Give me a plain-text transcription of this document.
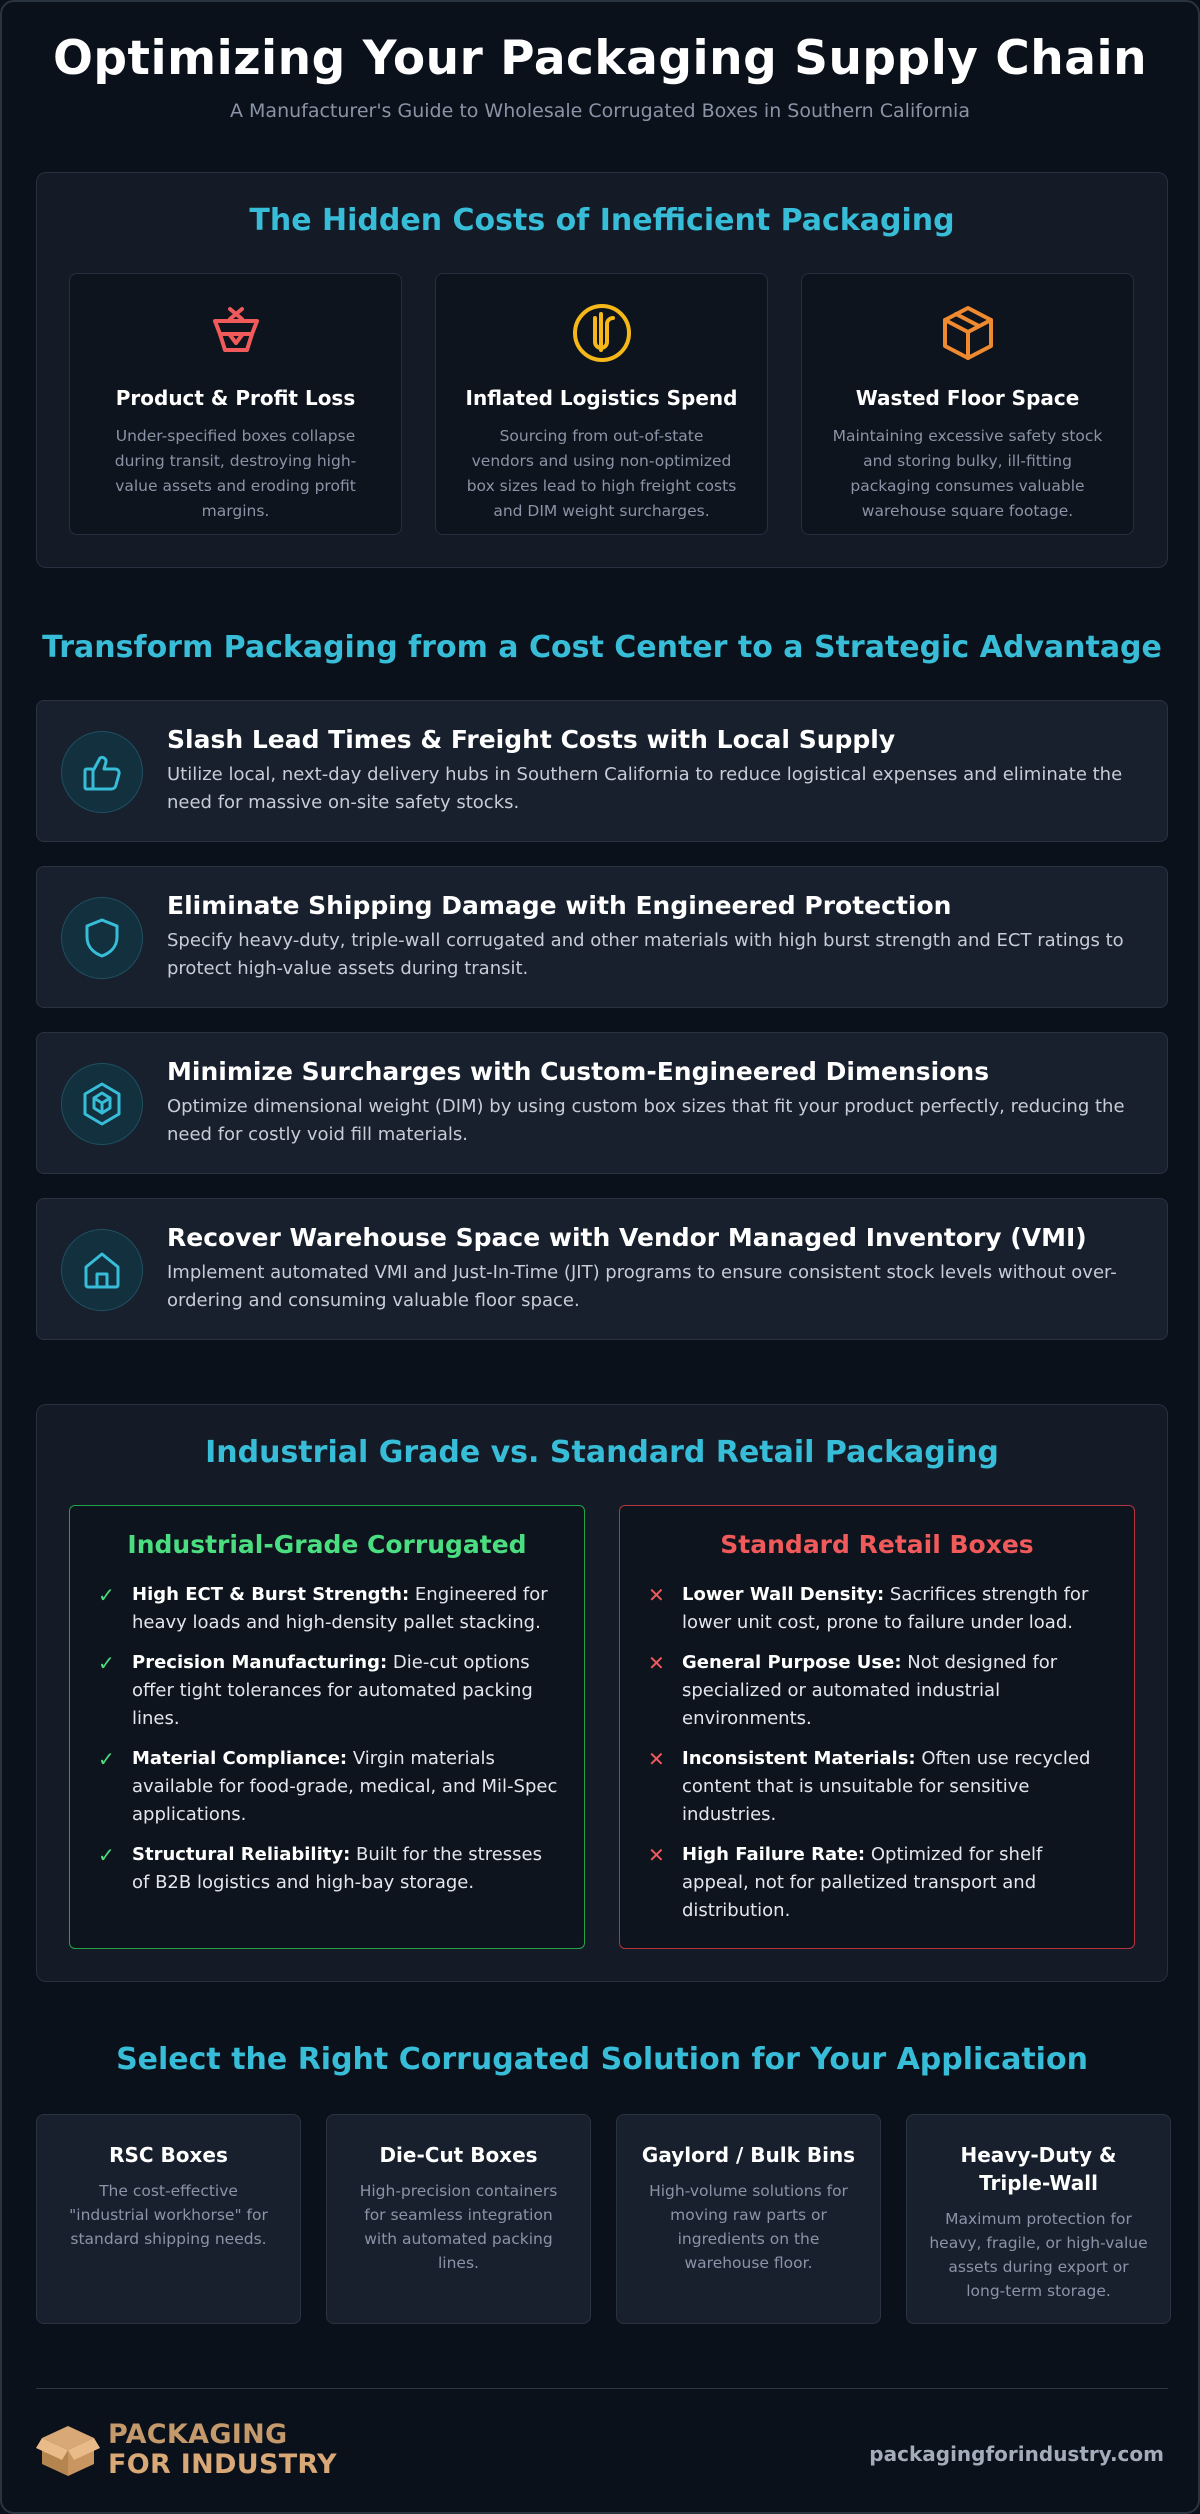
Optimizing Your Packaging Supply Chain

A Manufacturer's Guide to Wholesale Corrugated Boxes in Southern California

The Hidden Costs of Inefficient Packaging
Product & Profit Loss

Under-specified boxes collapse during transit, destroying high-value assets and eroding profit margins.

Inflated Logistics Spend

Sourcing from out-of-state vendors and using non-optimized box sizes lead to high freight costs and DIM weight surcharges.

Wasted Floor Space

Maintaining excessive safety stock and storing bulky, ill-fitting packaging consumes valuable warehouse square footage.

Transform Packaging from a Cost Center to a Strategic Advantage
Slash Lead Times & Freight Costs with Local Supply

Utilize local, next-day delivery hubs in Southern California to reduce logistical expenses and eliminate the need for massive on-site safety stocks.

Eliminate Shipping Damage with Engineered Protection

Specify heavy-duty, triple-wall corrugated and other materials with high burst strength and ECT ratings to protect high-value assets during transit.

Minimize Surcharges with Custom-Engineered Dimensions

Optimize dimensional weight (DIM) by using custom box sizes that fit your product perfectly, reducing the need for costly void fill materials.

Recover Warehouse Space with Vendor Managed Inventory (VMI)

Implement automated VMI and Just-In-Time (JIT) programs to ensure consistent stock levels without over-ordering and consuming valuable floor space.

Industrial Grade vs. Standard Retail Packaging
Industrial-Grade Corrugated
✓ High ECT & Burst Strength: Engineered for heavy loads and high-density pallet stacking.
✓ Precision Manufacturing: Die-cut options offer tight tolerances for automated packing lines.
✓ Material Compliance: Virgin materials available for food-grade, medical, and Mil-Spec applications.
✓ Structural Reliability: Built for the stresses of B2B logistics and high-bay storage.
Standard Retail Boxes
✕ Lower Wall Density: Sacrifices strength for lower unit cost, prone to failure under load.
✕ General Purpose Use: Not designed for specialized or automated industrial environments.
✕ Inconsistent Materials: Often use recycled content that is unsuitable for sensitive industries.
✕ High Failure Rate: Optimized for shelf appeal, not for palletized transport and distribution.
Select the Right Corrugated Solution for Your Application
RSC Boxes

The cost-effective "industrial workhorse" for standard shipping needs.

Die-Cut Boxes

High-precision containers for seamless integration with automated packing lines.

Gaylord / Bulk Bins

High-volume solutions for moving raw parts or ingredients on the warehouse floor.

Heavy-Duty & Triple-Wall

Maximum protection for heavy, fragile, or high-value assets during export or long-term storage.

PACKAGING
FOR INDUSTRY	packagingforindustry.com
